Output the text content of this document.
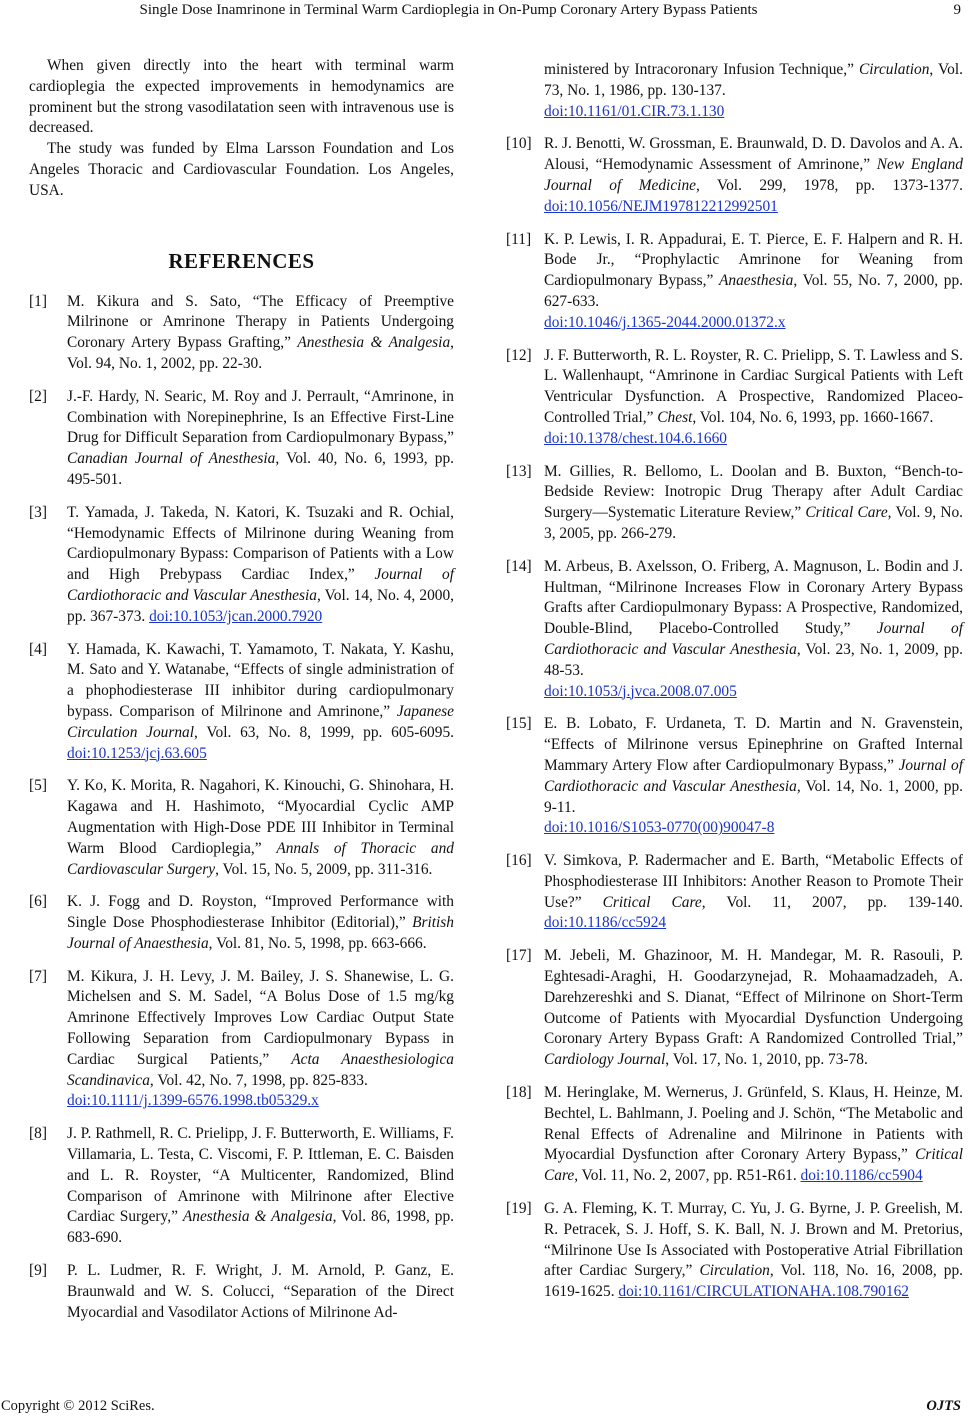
Single Dose Inamrinone in Terminal Warm Cardioplegia in On-Pump Coronary Artery Bypass Patients	9

When given directly into the heart with terminal warm cardioplegia the expected improvements in hemodynamics are prominent but the strong vasodilatation seen with intravenous use is decreased.

The study was funded by Elma Larsson Foundation and Los Angeles Thoracic and Cardiovascular Foundation. Los Angeles, USA.

REFERENCES
[1]	M. Kikura and S. Sato, “The Efficacy of Preemptive Milrinone or Amrinone Therapy in Patients Undergoing Coronary Artery Bypass Grafting,” Anesthesia & Analgesia, Vol. 94, No. 1, 2002, pp. 22-30.
[2]	J.-F. Hardy, N. Searic, M. Roy and J. Perrault, “Amrinone, in Combination with Norepinephrine, Is an Effective First-Line Drug for Difficult Separation from Cardiopulmonary Bypass,” Canadian Journal of Anesthesia, Vol. 40, No. 6, 1993, pp. 495-501.
[3]	T. Yamada, J. Takeda, N. Katori, K. Tsuzaki and R. Ochial, “Hemodynamic Effects of Milrinone during Weaning from Cardiopulmonary Bypass: Comparison of Patients with a Low and High Prebypass Cardiac Index,” Journal of Cardiothoracic and Vascular Anesthesia, Vol. 14, No. 4, 2000, pp. 367-373. doi:10.1053/jcan.2000.7920
[4]	Y. Hamada, K. Kawachi, T. Yamamoto, T. Nakata, Y. Kashu, M. Sato and Y. Watanabe, “Effects of single administration of a phophodiesterase III inhibitor during cardiopulmonary bypass. Comparison of Milrinone and Amrinone,” Japanese Circulation Journal, Vol. 63, No. 8, 1999, pp. 605-6095. doi:10.1253/jcj.63.605
[5]	Y. Ko, K. Morita, R. Nagahori, K. Kinouchi, G. Shinohara, H. Kagawa and H. Hashimoto, “Myocardial Cyclic AMP Augmentation with High-Dose PDE III Inhibitor in Terminal Warm Blood Cardioplegia,” Annals of Thoracic and Cardiovascular Surgery, Vol. 15, No. 5, 2009, pp. 311-316.
[6]	K. J. Fogg and D. Royston, “Improved Performance with Single Dose Phosphodiesterase Inhibitor (Editorial),” British Journal of Anaesthesia, Vol. 81, No. 5, 1998, pp. 663-666.
[7]	M. Kikura, J. H. Levy, J. M. Bailey, J. S. Shanewise, L. G. Michelsen and S. M. Sadel, “A Bolus Dose of 1.5 mg/kg Amrinone Effectively Improves Low Cardiac Output State Following Separation from Cardiopulmonary Bypass in Cardiac Surgical Patients,” Acta Anaesthesiologica Scandinavica, Vol. 42, No. 7, 1998, pp. 825-833.
doi:10.1111/j.1399-6576.1998.tb05329.x
[8]	J. P. Rathmell, R. C. Prielipp, J. F. Butterworth, E. Williams, F. Villamaria, L. Testa, C. Viscomi, F. P. Ittleman, E. C. Baisden and L. R. Royster, “A Multicenter, Randomized, Blind Comparison of Amrinone with Milrinone after Elective Cardiac Surgery,” Anesthesia & Analgesia, Vol. 86, 1998, pp. 683-690.
[9]	P. L. Ludmer, R. F. Wright, J. M. Arnold, P. Ganz, E. Braunwald and W. S. Colucci, “Separation of the Direct Myocardial and Vasodilator Actions of Milrinone Ad-
ministered by Intracoronary Infusion Technique,” Circulation, Vol. 73, No. 1, 1986, pp. 130-137.
doi:10.1161/01.CIR.73.1.130
[10] R. J. Benotti, W. Grossman, E. Braunwald, D. D. Davolos and A. A. Alousi, “Hemodynamic Assessment of Amrinone,” New England Journal of Medicine, Vol. 299, 1978, pp. 1373-1377. doi:10.1056/NEJM197812212992501
[11] K. P. Lewis, I. R. Appadurai, E. T. Pierce, E. F. Halpern and R. H. Bode Jr., “Prophylactic Amrinone for Weaning from Cardiopulmonary Bypass,” Anaesthesia, Vol. 55, No. 7, 2000, pp. 627-633.
doi:10.1046/j.1365-2044.2000.01372.x
[12] J. F. Butterworth, R. L. Royster, R. C. Prielipp, S. T. Lawless and S. L. Wallenhaupt, “Amrinone in Cardiac Surgical Patients with Left Ventricular Dysfunction. A Prospective, Randomized Placeo-Controlled Trial,” Chest, Vol. 104, No. 6, 1993, pp. 1660-1667.
doi:10.1378/chest.104.6.1660
[13] M. Gillies, R. Bellomo, L. Doolan and B. Buxton, “Bench-to-Bedside Review: Inotropic Drug Therapy after Adult Cardiac Surgery—Systematic Literature Review,” Critical Care, Vol. 9, No. 3, 2005, pp. 266-279.
[14] M. Arbeus, B. Axelsson, O. Friberg, A. Magnuson, L. Bodin and J. Hultman, “Milrinone Increases Flow in Coronary Artery Bypass Grafts after Cardiopulmonary Bypass: A Prospective, Randomized, Double-Blind, Placebo-Controlled Study,” Journal of Cardiothoracic and Vascular Anesthesia, Vol. 23, No. 1, 2009, pp. 48-53.
doi:10.1053/j.jvca.2008.07.005
[15] E. B. Lobato, F. Urdaneta, T. D. Martin and N. Gravenstein, “Effects of Milrinone versus Epinephrine on Grafted Internal Mammary Artery Flow after Cardiopulmonary Bypass,” Journal of Cardiothoracic and Vascular Anesthesia, Vol. 14, No. 1, 2000, pp. 9-11.
doi:10.1016/S1053-0770(00)90047-8
[16] V. Simkova, P. Radermacher and E. Barth, “Metabolic Effects of Phosphodiesterase III Inhibitors: Another Reason to Promote Their Use?” Critical Care, Vol. 11, 2007, pp. 139-140. doi:10.1186/cc5924
[17] M. Jebeli, M. Ghazinoor, M. H. Mandegar, M. R. Rasouli, P. Eghtesadi-Araghi, H. Goodarzynejad, R. Mohaamadzadeh, A. Darehzereshki and S. Dianat, “Effect of Milrinone on Short-Term Outcome of Patients with Myocardial Dysfunction Undergoing Coronary Artery Bypass Graft: A Randomized Controlled Trial,” Cardiology Journal, Vol. 17, No. 1, 2010, pp. 73-78.
[18] M. Heringlake, M. Wernerus, J. Grünfeld, S. Klaus, H. Heinze, M. Bechtel, L. Bahlmann, J. Poeling and J. Schön, “The Metabolic and Renal Effects of Adrenaline and Milrinone in Patients with Myocardial Dysfunction after Coronary Artery Bypass,” Critical Care, Vol. 11, No. 2, 2007, pp. R51-R61. doi:10.1186/cc5904
[19] G. A. Fleming, K. T. Murray, C. Yu, J. G. Byrne, J. P. Greelish, M. R. Petracek, S. J. Hoff, S. K. Ball, N. J. Brown and M. Pretorius, “Milrinone Use Is Associated with Postoperative Atrial Fibrillation after Cardiac Surgery,” Circulation, Vol. 118, No. 16, 2008, pp. 1619-1625. doi:10.1161/CIRCULATIONAHA.108.790162
Copyright © 2012 SciRes.	OJTS
